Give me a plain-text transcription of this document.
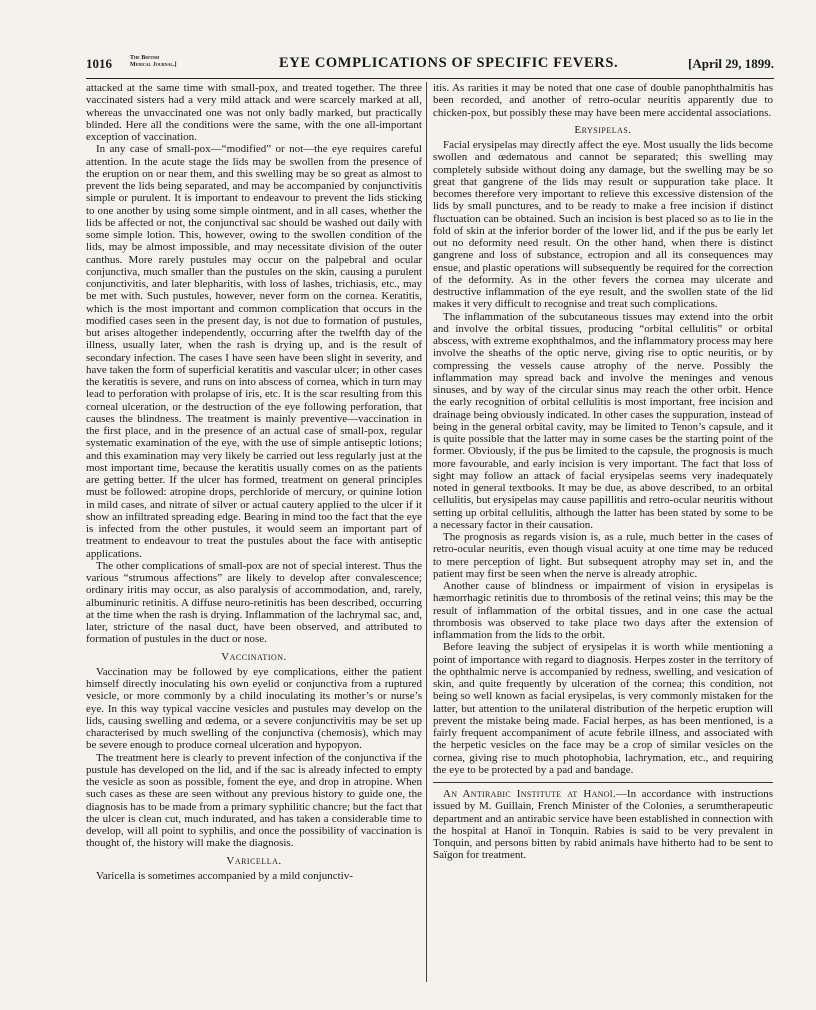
1016	The British
Medical Journal.]	EYE COMPLICATIONS OF SPECIFIC FEVERS.	[April 29, 1899.

attacked at the same time with small-pox, and treated together. The three vaccinated sisters had a very mild attack and were scarcely marked at all, whereas the unvaccinated one was not only badly marked, but practically blinded. Here all the conditions were the same, with the one all-important exception of vaccination.

In any case of small-pox—“modified” or not—the eye requires careful attention. In the acute stage the lids may be swollen from the presence of the eruption on or near them, and this swelling may be so great as almost to prevent the lids being separated, and may be accompanied by conjunctivitis simple or purulent. It is important to endeavour to prevent the lids sticking to one another by using some simple ointment, and in all cases, whether the lids be affected or not, the conjunctival sac should be washed out daily with some simple lotion. This, however, owing to the swollen condition of the lids, may be almost impossible, and may necessitate division of the outer canthus. More rarely pustules may occur on the palpebral and ocular conjunctiva, much smaller than the pustules on the skin, causing a purulent conjunctivitis, and later blepharitis, with loss of lashes, trichiasis, etc., may be met with. Such pustules, however, never form on the cornea. Keratitis, which is the most important and common complication that occurs in the modified cases seen in the present day, is not due to formation of pustules, but arises altogether independently, occurring after the twelfth day of the illness, usually later, when the rash is drying up, and is the result of secondary infection. The cases I have seen have been slight in severity, and have taken the form of superficial keratitis and vascular ulcer; in other cases the keratitis is severe, and runs on into abscess of cornea, which in turn may lead to perforation with prolapse of iris, etc. It is the scar resulting from this corneal ulceration, or the destruction of the eye following perforation, that causes the blindness. The treatment is mainly preventive—vaccination in the first place, and in the presence of an actual case of small-pox, regular systematic examination of the eye, with the use of simple antiseptic lotions; and this examination may very likely be carried out less regularly just at the most important time, because the keratitis usually comes on as the patients are getting better. If the ulcer has formed, treatment on general principles must be followed: atropine drops, perchloride of mercury, or quinine lotion in mild cases, and nitrate of silver or actual cautery applied to the ulcer if it show an infiltrated spreading edge. Bearing in mind too the fact that the eye is infected from the other pustules, it would seem an important part of treatment to endeavour to treat the pustules about the face with antiseptic applications.

The other complications of small-pox are not of special interest. Thus the various “strumous affections” are likely to develop after convalescence; ordinary iritis may occur, as also paralysis of accommodation, and, rarely, albuminuric retinitis. A diffuse neuro-retinitis has been described, occurring at the time when the rash is drying. Inflammation of the lachrymal sac, and, later, stricture of the nasal duct, have been observed, and attributed to formation of pustules in the duct or nose.

Vaccination.

Vaccination may be followed by eye complications, either the patient himself directly inoculating his own eyelid or conjunctiva from a ruptured vesicle, or more commonly by a child inoculating its mother’s or nurse’s eye. In this way typical vaccine vesicles and pustules may develop on the lids, causing swelling and œdema, or a severe conjunctivitis may be set up characterised by much swelling of the conjunctiva (chemosis), which may be severe enough to produce corneal ulceration and hypopyon.

The treatment here is clearly to prevent infection of the conjunctiva if the pustule has developed on the lid, and if the sac is already infected to empty the vesicle as soon as possible, foment the eye, and drop in atropine. When such cases as these are seen without any previous history to guide one, the diagnosis has to be made from a primary syphilitic chancre; but the fact that the ulcer is clean cut, much indurated, and has taken a considerable time to develop, will all point to syphilis, and once the possibility of vaccination is thought of, the history will make the diagnosis.

Varicella.

Varicella is sometimes accompanied by a mild conjunctiv-

itis. As rarities it may be noted that one case of double panophthalmitis has been recorded, and another of retro-ocular neuritis apparently due to chicken-pox, but possibly these may have been mere accidental associations.

Erysipelas.

Facial erysipelas may directly affect the eye. Most usually the lids become swollen and œdematous and cannot be separated; this swelling may completely subside without doing any damage, but the swelling may be so great that gangrene of the lids may result or suppuration take place. It becomes therefore very important to relieve this excessive distension of the lids by small punctures, and to be ready to make a free incision if distinct fluctuation can be obtained. Such an incision is best placed so as to lie in the fold of skin at the inferior border of the lower lid, and if the pus be early let out no deformity need result. On the other hand, when there is distinct gangrene and loss of substance, ectropion and all its consequences may ensue, and plastic operations will subsequently be required for the correction of the deformity. As in the other fevers the cornea may ulcerate and destructive inflammation of the eye result, and the swollen state of the lid makes it very difficult to recognise and treat such complications.

The inflammation of the subcutaneous tissues may extend into the orbit and involve the orbital tissues, producing “orbital cellulitis” or orbital abscess, with extreme exophthalmos, and the inflammatory process may here involve the sheaths of the optic nerve, giving rise to optic neuritis, or by compressing the vessels cause atrophy of the nerve. Possibly the inflammation may spread back and involve the meninges and venous sinuses, and by way of the circular sinus may reach the other orbit. Hence the early recognition of orbital cellulitis is most important, free incision and drainage being obviously indicated. In other cases the suppuration, instead of being in the general orbital cavity, may be limited to Tenon’s capsule, and it is quite possible that the latter may in some cases be the starting point of the former. Obviously, if the pus be limited to the capsule, the prognosis is much more favourable, and early incision is very important. The fact that loss of sight may follow an attack of facial erysipelas seems very inadequately noted in general textbooks. It may be due, as above described, to an orbital cellulitis, but erysipelas may cause papillitis and retro-ocular neuritis without setting up orbital cellulitis, although the latter has been stated by some to be a necessary factor in their causation.

The prognosis as regards vision is, as a rule, much better in the cases of retro-ocular neuritis, even though visual acuity at one time may be reduced to mere perception of light. But subsequent atrophy may set in, and the patient may first be seen when the nerve is already atrophic.

Another cause of blindness or impairment of vision in erysipelas is hæmorrhagic retinitis due to thrombosis of the retinal veins; this may be the result of inflammation of the orbital tissues, and in one case the actual thrombosis was observed to take place two days after the extension of inflammation from the lids to the orbit.

Before leaving the subject of erysipelas it is worth while mentioning a point of importance with regard to diagnosis. Herpes zoster in the territory of the ophthalmic nerve is accompanied by redness, swelling, and vesication of skin, and quite frequently by ulceration of the cornea; this condition, not being so well known as facial erysipelas, is very commonly mistaken for the latter, but attention to the unilateral distribution of the herpetic eruption will prevent the mistake being made. Facial herpes, as has been mentioned, is a fairly frequent accompaniment of acute febrile illness, and associated with the herpetic vesicles on the face may be a crop of similar vesicles on the cornea, giving rise to much photophobia, lachrymation, etc., and requiring the eye to be protected by a pad and bandage.

An Antirabic Institute at Hanoï.—In accordance with instructions issued by M. Guillain, French Minister of the Colonies, a serumtherapeutic department and an antirabic service have been established in connection with the hospital at Hanoï in Tonquin. Rabies is said to be very prevalent in Tonquin, and persons bitten by rabid animals have hitherto had to be sent to Saïgon for treatment.
